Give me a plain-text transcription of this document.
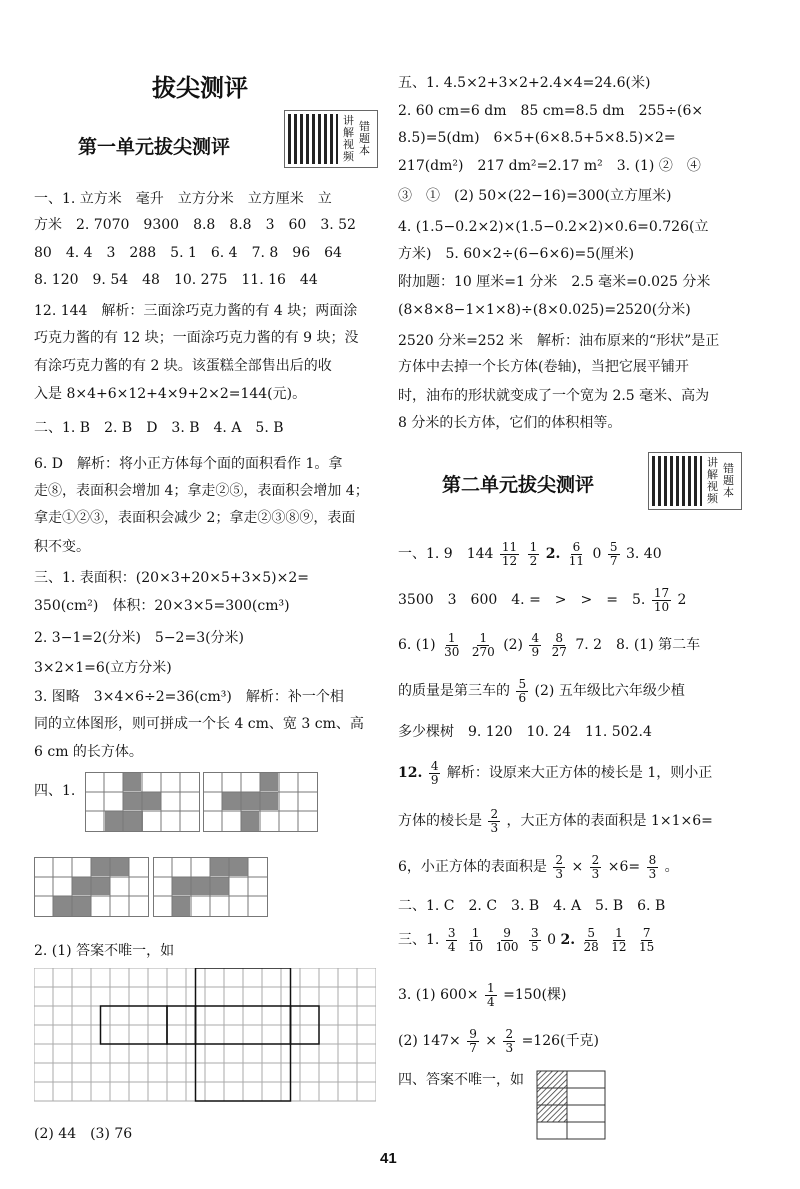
拔尖测评
第一单元拔尖测评
讲解视频
错题本
一、1. 立方米　毫升　立方分米　立方厘米　立
方米　2. 7070　9300　8.8　8.8　3　60　3. 52
80　4. 4　3　288　5. 1　6. 4　7. 8　96　64
8. 120　9. 54　48　10. 275　11. 16　44
12. 144　解析：三面涂巧克力酱的有 4 块；两面涂
巧克力酱的有 12 块；一面涂巧克力酱的有 9 块；没
有涂巧克力酱的有 2 块。该蛋糕全部售出后的收
入是 8×4+6×12+4×9+2×2=144(元)。
二、1. B　2. B　D　3. B　4. A　5. B
6. D　解析：将小正方体每个面的面积看作 1。拿
走⑧，表面积会增加 4；拿走②⑤，表面积会增加 4；
拿走①②③，表面积会减少 2；拿走②③⑧⑨，表面
积不变。
三、1. 表面积：(20×3+20×5+3×5)×2=
350(cm²)　体积：20×3×5=300(cm³)
2. 3−1=2(分米)　5−2=3(分米)
3×2×1=6(立方分米)
3. 图略　3×4×6÷2=36(cm³)　解析：补一个相
同的立体图形，则可拼成一个长 4 cm、宽 3 cm、高
6 cm 的长方体。
四、1.
2. (1) 答案不唯一，如
(2) 44　(3) 76
五、1. 4.5×2+3×2+2.4×4=24.6(米)
2. 60 cm=6 dm　85 cm=8.5 dm　255÷(6×
8.5)=5(dm)　6×5+(6×8.5+5×8.5)×2=
217(dm²)　217 dm²=2.17 m²　3. (1) ②　④
③　①　(2) 50×(22−16)=300(立方厘米)
4. (1.5−0.2×2)×(1.5−0.2×2)×0.6=0.726(立
方米)　5. 60×2÷(6−6×6)=5(厘米)
附加题：10 厘米=1 分米　2.5 毫米=0.025 分米
(8×8×8−1×1×8)÷(8×0.025)=2520(分米)
2520 分米=252 米　解析：油布原来的“形状”是正
方体中去掉一个长方体(卷轴)，当把它展平铺开
时，油布的形状就变成了一个宽为 2.5 毫米、高为
8 分米的长方体，它们的体积相等。
第二单元拔尖测评
讲解视频
错题本
一、1. 9　$144 \frac{11}{12}$
$\frac{1}{2} 2$. $\frac{6}{11} 0 \frac{5}{7} 3$. 40
3500　3　600　4. =　>　>　=　5. $\frac{17}{10} 2$
6. $(1) \frac{1}{30}$
$\frac{1}{270} (2) \frac{4}{9}$
$\frac{8}{27} 7$. 2　8. (1) 第二车
的质量是第三车的 $\frac{5}{6} (2)$ 五年级比六年级少植
多少棵树　9. 120　10. 24　11. 502.4
12. $\frac{4}{9}$ 解析：设原来大正方体的棱长是 1，则小正
方体的棱长是 $\frac{2}{3}$ ，大正方体的表面积是 1×1×6=
6，小正方体的表面积是 $\frac{2}{3} \times \frac{2}{3} \times 6= \frac{8}{3}$ 。
二、1. C　2. C　3. B　4. A　5. B　6. B
三、1. $\frac{3}{4}$
$\frac{1}{10}$
$\frac{9}{100}$
$\frac{3}{5} 0$ 2. $\frac{5}{28}$
$\frac{1}{12}$
$\frac{7}{15}$
3. (1) $600\times \frac{1}{4} =150$(棵)
(2) $147\times \frac{9}{7} \times \frac{2}{3} =126$(千克)
四、答案不唯一，如
41
